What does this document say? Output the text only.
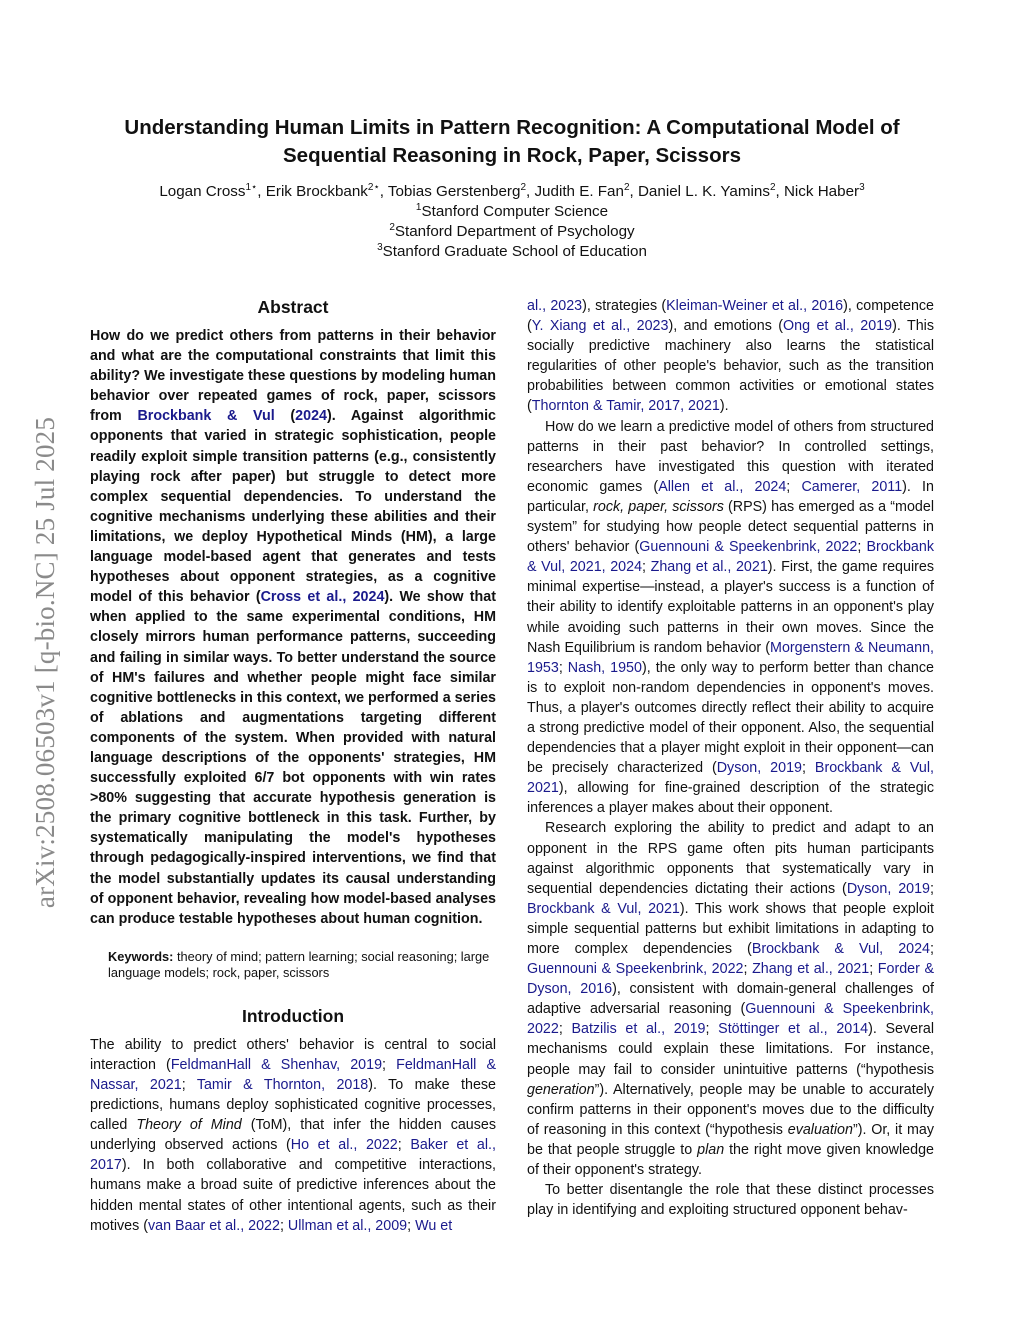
arXiv:2508.06503v1 [q-bio.NC] 25 Jul 2025
Understanding Human Limits in Pattern Recognition: A Computational Model of
Sequential Reasoning in Rock, Paper, Scissors
Logan Cross$^{1⋆}$, Erik Brockbank$^{2⋆}$, Tobias Gerstenberg$^2$, Judith E. Fan$^2$, Daniel L. K. Yamins$^2$, Nick Haber$^3$
$^1$Stanford Computer Science
$^2$Stanford Department of Psychology
$^3$Stanford Graduate School of Education
Abstract

How do we predict others from patterns in their behavior and what are the computational constraints that limit this ability? We investigate these questions by modeling human behavior over repeated games of rock, paper, scissors from Brockbank & Vul (2024). Against algorithmic opponents that varied in strategic sophistication, people readily exploit simple transition patterns (e.g., consistently playing rock after paper) but struggle to detect more complex sequential dependencies. To understand the cognitive mechanisms underlying these abilities and their limitations, we deploy Hypothetical Minds (HM), a large language model-based agent that generates and tests hypotheses about opponent strategies, as a cognitive model of this behavior (Cross et al., 2024). We show that when applied to the same experimental conditions, HM closely mirrors human performance patterns, succeeding and failing in similar ways. To better understand the source of HM's failures and whether people might face similar cognitive bottlenecks in this context, we performed a series of ablations and augmentations targeting different components of the system. When provided with natural language descriptions of the opponents' strategies, HM successfully exploited 6/7 bot opponents with win rates >80% suggesting that accurate hypothesis generation is the primary cognitive bottleneck in this task. Further, by systematically manipulating the model's hypotheses through pedagogically-inspired interventions, we find that the model substantially updates its causal understanding of opponent behavior, revealing how model-based analyses can produce testable hypotheses about human cognition.

Keywords: theory of mind; pattern learning; social reasoning; large language models; rock, paper, scissors
Introduction

The ability to predict others' behavior is central to social interaction (FeldmanHall & Shenhav, 2019; FeldmanHall & Nassar, 2021; Tamir & Thornton, 2018). To make these predictions, humans deploy sophisticated cognitive processes, called Theory of Mind (ToM), that infer the hidden causes underlying observed actions (Ho et al., 2022; Baker et al., 2017). In both collaborative and competitive interactions, humans make a broad suite of predictive inferences about the hidden mental states of other intentional agents, such as their motives (van Baar et al., 2022; Ullman et al., 2009; Wu et

al., 2023), strategies (Kleiman-Weiner et al., 2016), competence (Y. Xiang et al., 2023), and emotions (Ong et al., 2019). This socially predictive machinery also learns the statistical regularities of other people's behavior, such as the transition probabilities between common activities or emotional states (Thornton & Tamir, 2017, 2021).

How do we learn a predictive model of others from structured patterns in their past behavior? In controlled settings, researchers have investigated this question with iterated economic games (Allen et al., 2024; Camerer, 2011). In particular, rock, paper, scissors (RPS) has emerged as a “model system” for studying how people detect sequential patterns in others' behavior (Guennouni & Speekenbrink, 2022; Brockbank & Vul, 2021, 2024; Zhang et al., 2021). First, the game requires minimal expertise—instead, a player's success is a function of their ability to identify exploitable patterns in an opponent's play while avoiding such patterns in their own moves. Since the Nash Equilibrium is random behavior (Morgenstern & Neumann, 1953; Nash, 1950), the only way to perform better than chance is to exploit non-random dependencies in opponent's moves. Thus, a player's outcomes directly reflect their ability to acquire a strong predictive model of their opponent. Also, the sequential dependencies that a player might exploit in their opponent—can be precisely characterized (Dyson, 2019; Brockbank & Vul, 2021), allowing for fine-grained description of the strategic inferences a player makes about their opponent.

Research exploring the ability to predict and adapt to an opponent in the RPS game often pits human participants against algorithmic opponents that systematically vary in sequential dependencies dictating their actions (Dyson, 2019; Brockbank & Vul, 2021). This work shows that people exploit simple sequential patterns but exhibit limitations in adapting to more complex dependencies (Brockbank & Vul, 2024; Guennouni & Speekenbrink, 2022; Zhang et al., 2021; Forder & Dyson, 2016), consistent with domain-general challenges of adaptive adversarial reasoning (Guennouni & Speekenbrink, 2022; Batzilis et al., 2019; Stöttinger et al., 2014). Several mechanisms could explain these limitations. For instance, people may fail to consider unintuitive patterns (“hypothesis generation”). Alternatively, people may be unable to accurately confirm patterns in their opponent's moves due to the difficulty of reasoning in this context (“hypothesis evaluation”). Or, it may be that people struggle to plan the right move given knowledge of their opponent's strategy.

To better disentangle the role that these distinct processes play in identifying and exploiting structured opponent behav-
